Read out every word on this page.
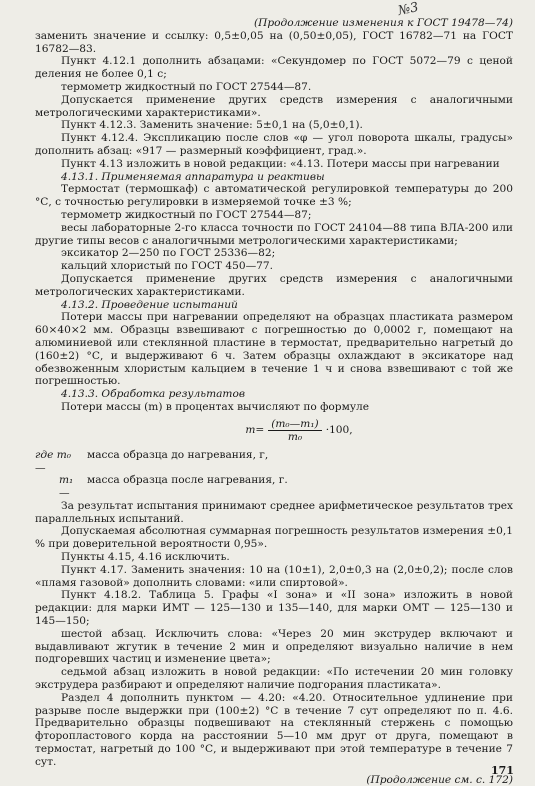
№3

(Продолжение изменения к ГОСТ 19478—74)

заменить значение и ссылку: 0,5±0,05 на (0,50±0,05), ГОСТ 16782—71 на ГОСТ 16782—83.

Пункт 4.12.1 дополнить абзацами: «Секундомер по ГОСТ 5072—79 с ценой деления не более 0,1 с;

термометр жидкостный по ГОСТ 27544—87.

Допускается применение других средств измерения с аналогичными метрологическими характеристиками».

Пункт 4.12.3. Заменить значение: 5±0,1 на (5,0±0,1).

Пункт 4.12.4. Экспликацию после слов «φ — угол поворота шкалы, градусы» дополнить абзац: «917 — размерный коэффициент, град.».

Пункт 4.13 изложить в новой редакции: «4.13. Потери массы при нагревании

4.13.1. Применяемая аппаратура и реактивы

Термостат (термошкаф) с автоматической регулировкой температуры до 200 °С, с точностью регулировки в измеряемой точке ±3 %;

термометр жидкостный по ГОСТ 27544—87;

весы лабораторные 2-го класса точности по ГОСТ 24104—88 типа ВЛА-200 или другие типы весов с аналогичными метрологическими характеристиками;

эксикатор 2—250 по ГОСТ 25336—82;

кальций хлористый по ГОСТ 450—77.

Допускается применение других средств измерения с аналогичными метрологических характеристиками.

4.13.2. Проведение испытаний

Потери массы при нагревании определяют на образцах пластиката размером 60×40×2 мм. Образцы взвешивают с погрешностью до 0,0002 г, помещают на алюминиевой или стеклянной пластине в термостат, предварительно нагретый до (160±2) °С, и выдерживают 6 ч. Затем образцы охлаждают в эксикаторе над обезвоженным хлористым кальцием в течение 1 ч и снова взвешивают с той же погрешностью.

4.13.3. Обработка результатов

Потери массы (m) в процентах вычисляют по формуле

$m= \frac{\text{(m₀—m₁)}}{\text{m₀}} \cdot 100$,
где m₀ —
масса образца до нагревания, г,
m₁ —
масса образца после нагревания, г.

За результат испытания принимают среднее арифметическое результатов трех параллельных испытаний.

Допускаемая абсолютная суммарная погрешность результатов измерения ±0,1 % при доверительной вероятности 0,95».

Пункты 4.15, 4.16 исключить.

Пункт 4.17. Заменить значения: 10 на (10±1), 2,0±0,3 на (2,0±0,2); после слов «пламя газовой» дополнить словами: «или спиртовой».

Пункт 4.18.2. Таблица 5. Графы «I зона» и «II зона» изложить в новой редакции: для марки ИМТ — 125—130 и 135—140, для марки ОМТ — 125—130 и 145—150;

шестой абзац. Исключить слова: «Через 20 мин экструдер включают и выдавливают жгутик в течение 2 мин и определяют визуально наличие в нем подгоревших частиц и изменение цвета»;

седьмой абзац изложить в новой редакции: «По истечении 20 мин головку экструдера разбирают и определяют наличие подгорания пластиката».

Раздел 4 дополнить пунктом — 4.20: «4.20. Относительное удлинение при разрыве после выдержки при (100±2) °С в течение 7 сут определяют по п. 4.6. Предварительно образцы подвешивают на стеклянный стержень с помощью фторопластового корда на расстоянии 5—10 мм друг от друга, помещают в термостат, нагретый до 100 °С, и выдерживают при этой температуре в течение 7 сут.

(Продолжение см. с. 172)

171
